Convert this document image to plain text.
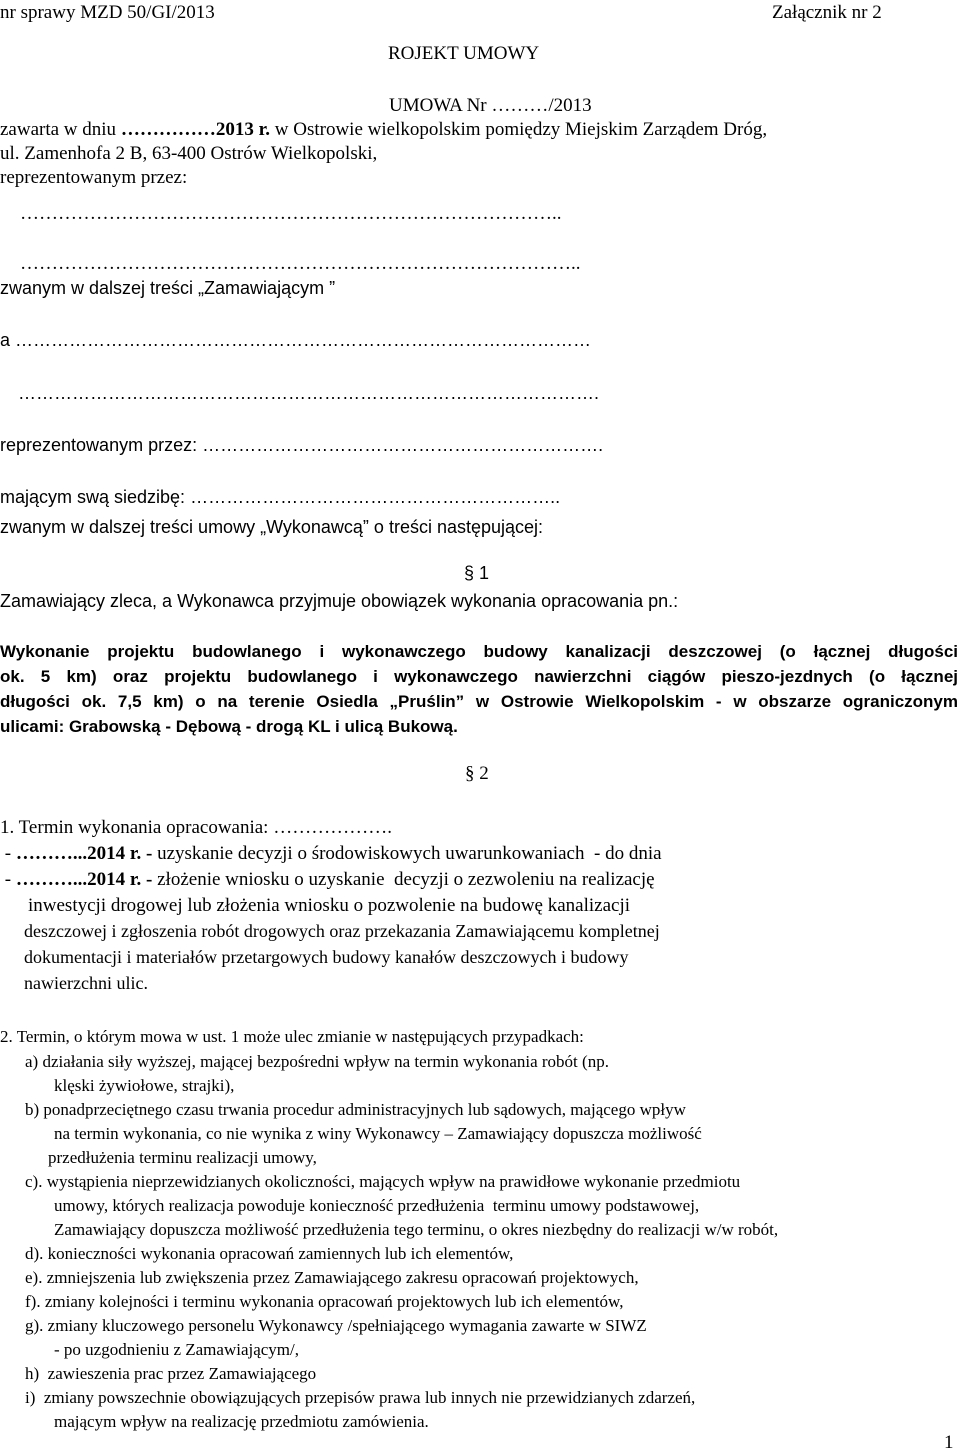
nr sprawy MZD 50/GI/2013	Załącznik nr 2
ROJEKT UMOWY
UMOWA Nr ………/2013
zawarta w dniu ……………2013 r. w Ostrowie wielkopolskim pomiędzy Miejskim Zarządem Dróg,
ul. Zamenhofa 2 B, 63-400 Ostrów Wielkopolski,
reprezentowanym przez:
…………………………………………………………………………..
……………………………………………………………………………..
zwanym w dalszej treści „Zamawiającym ”
a ……………………………………………………………………………………
…………………………………………………………………………………….
reprezentowanym przez: ………………………………………………………….
mającym swą siedzibę: ……………………………………………………..
zwanym w dalszej treści umowy „Wykonawcą” o treści następującej:
§ 1
Zamawiający zleca, a Wykonawca przyjmuje obowiązek wykonania opracowania pn.:
Wykonanie projektu budowlanego i wykonawczego budowy kanalizacji deszczowej (o łącznej długości
ok. 5 km) oraz projektu budowlanego i wykonawczego nawierzchni ciągów pieszo-jezdnych (o łącznej
długości ok. 7,5 km) o na terenie Osiedla „Pruślin” w Ostrowie Wielkopolskim - w obszarze ograniczonym
ulicami: Grabowską - Dębową - drogą KL i ulicą Bukową.
§ 2
1. Termin wykonania opracowania: ……………….
- ………...2014 r. - uzyskanie decyzji o środowiskowych uwarunkowaniach  - do dnia
- ………...2014 r. - złożenie wniosku o uzyskanie  decyzji o zezwoleniu na realizację
inwestycji drogowej lub złożenia wniosku o pozwolenie na budowę kanalizacji
deszczowej i zgłoszenia robót drogowych oraz przekazania Zamawiającemu kompletnej
dokumentacji i materiałów przetargowych budowy kanałów deszczowych i budowy
nawierzchni ulic.
2. Termin, o którym mowa w ust. 1 może ulec zmianie w następujących przypadkach:
a) działania siły wyższej, mającej bezpośredni wpływ na termin wykonania robót (np.
klęski żywiołowe, strajki),
b) ponadprzeciętnego czasu trwania procedur administracyjnych lub sądowych, mającego wpływ
na termin wykonania, co nie wynika z winy Wykonawcy – Zamawiający dopuszcza możliwość
przedłużenia terminu realizacji umowy,
c). wystąpienia nieprzewidzianych okoliczności, mających wpływ na prawidłowe wykonanie przedmiotu
umowy, których realizacja powoduje konieczność przedłużenia  terminu umowy podstawowej,
Zamawiający dopuszcza możliwość przedłużenia tego terminu, o okres niezbędny do realizacji w/w robót,
d). konieczności wykonania opracowań zamiennych lub ich elementów,
e). zmniejszenia lub zwiększenia przez Zamawiającego zakresu opracowań projektowych,
f). zmiany kolejności i terminu wykonania opracowań projektowych lub ich elementów,
g). zmiany kluczowego personelu Wykonawcy /spełniającego wymagania zawarte w SIWZ
- po uzgodnieniu z Zamawiającym/,
h)  zawieszenia prac przez Zamawiającego
i)  zmiany powszechnie obowiązujących przepisów prawa lub innych nie przewidzianych zdarzeń,
mającym wpływ na realizację przedmiotu zamówienia.
1
